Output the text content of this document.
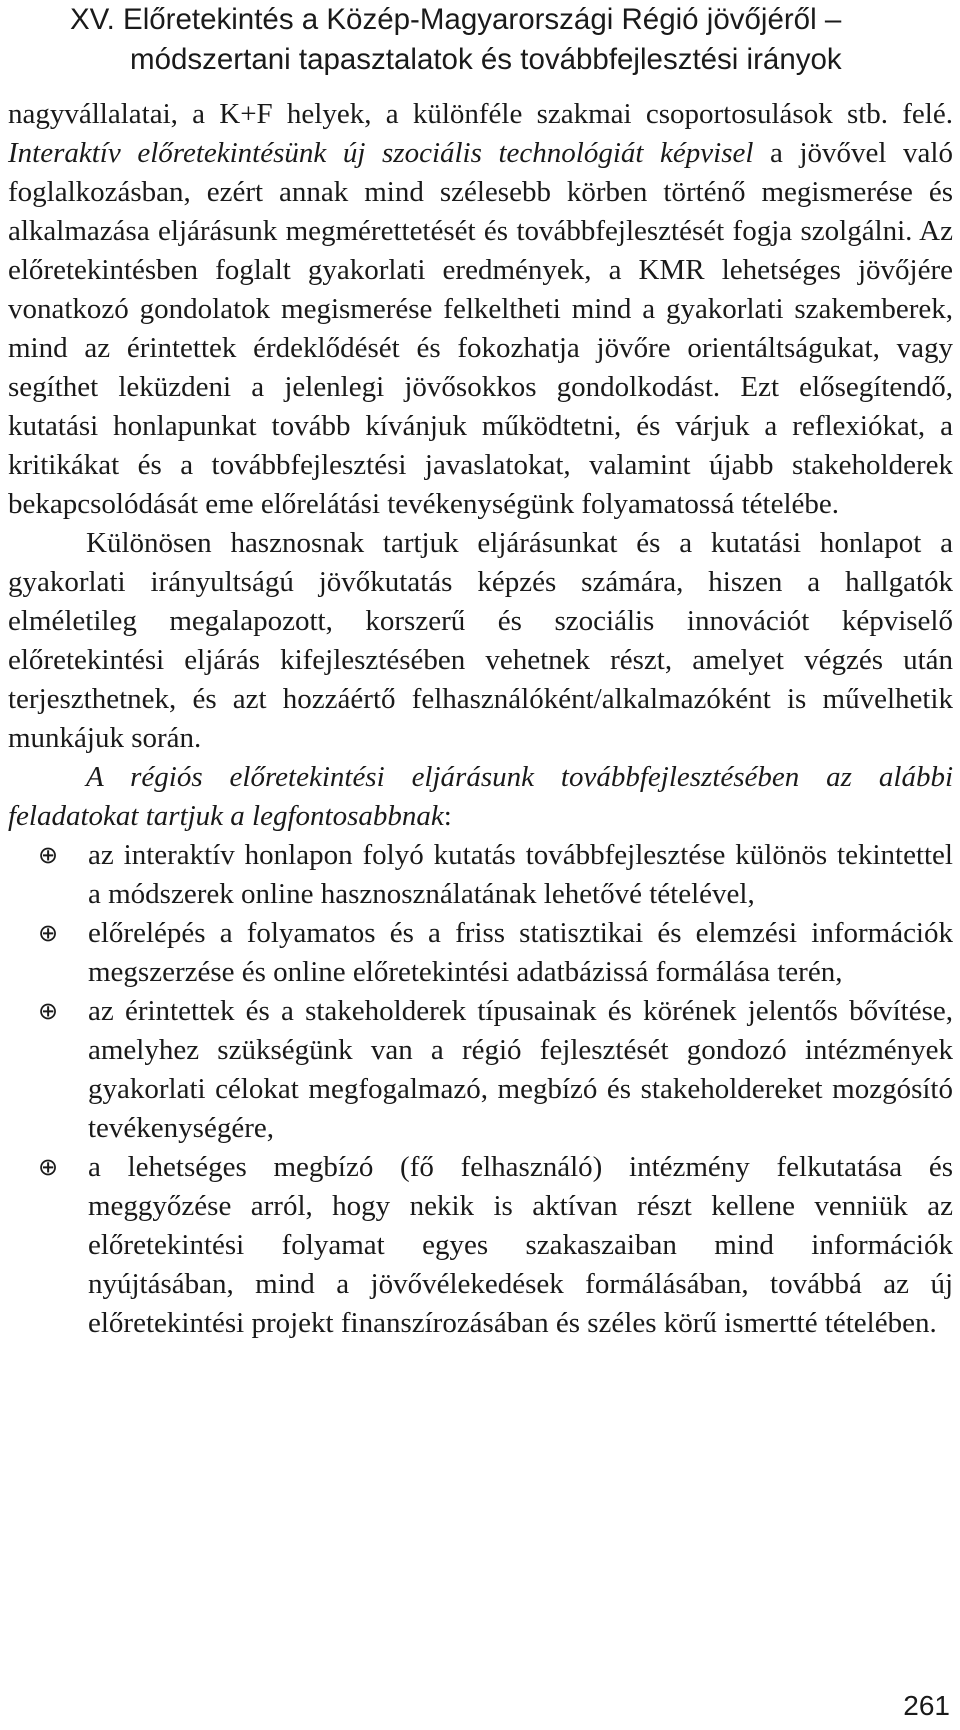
XV. Előretekintés a Közép-Magyarországi Régió jövőjéről –
módszertani tapasztalatok és továbbfejlesztési irányok

nagyvállalatai, a K+F helyek, a különféle szakmai csoportosulások stb. felé. Interaktív előretekintésünk új szociális technológiát képvisel a jövővel való foglalkozásban, ezért annak mind szélesebb körben történő megismerése és alkalmazása eljárásunk megmérettetését és továbbfejlesztését fogja szolgálni. Az előretekintésben foglalt gyakorlati eredmények, a KMR lehetséges jövőjére vonatkozó gondolatok megismerése felkeltheti mind a gyakorlati szakemberek, mind az érintettek érdeklődését és fokozhatja jövőre orientáltságukat, vagy segíthet leküzdeni a jelenlegi jövősokkos gondolkodást. Ezt elősegítendő, kutatási honlapunkat tovább kívánjuk működtetni, és várjuk a reflexiókat, a kritikákat és a továbbfejlesztési javaslatokat, valamint újabb stakeholderek bekapcsolódását eme előrelátási tevékenységünk folyamatossá tételébe.

Különösen hasznosnak tartjuk eljárásunkat és a kutatási honlapot a gyakorlati irányultságú jövőkutatás képzés számára, hiszen a hallgatók elméletileg megalapozott, korszerű és szociális innovációt képviselő előretekintési eljárás kifejlesztésében vehetnek részt, amelyet végzés után terjeszthetnek, és azt hozzáértő felhasználóként/alkalmazóként is művelhetik munkájuk során.

A régiós előretekintési eljárásunk továbbfejlesztésében az alábbi feladatokat tartjuk a legfontosabbnak:

⊕ az interaktív honlapon folyó kutatás továbbfejlesztése különös tekintettel a módszerek online hasznosználatának lehetővé tételével,
⊕ előrelépés a folyamatos és a friss statisztikai és elemzési információk megszerzése és online előretekintési adatbázissá formálása terén,
⊕ az érintettek és a stakeholderek típusainak és körének jelentős bővítése, amelyhez szükségünk van a régió fejlesztését gondozó intézmények gyakorlati célokat megfogalmazó, megbízó és stakeholdereket mozgósító tevékenységére,
⊕ a lehetséges megbízó (fő felhasználó) intézmény felkutatása és meggyőzése arról, hogy nekik is aktívan részt kellene venniük az előretekintési folyamat egyes szakaszaiban mind információk nyújtásában, mind a jövővélekedések formálásában, továbbá az új előretekintési projekt finanszírozásában és széles körű ismertté tételében.
261
